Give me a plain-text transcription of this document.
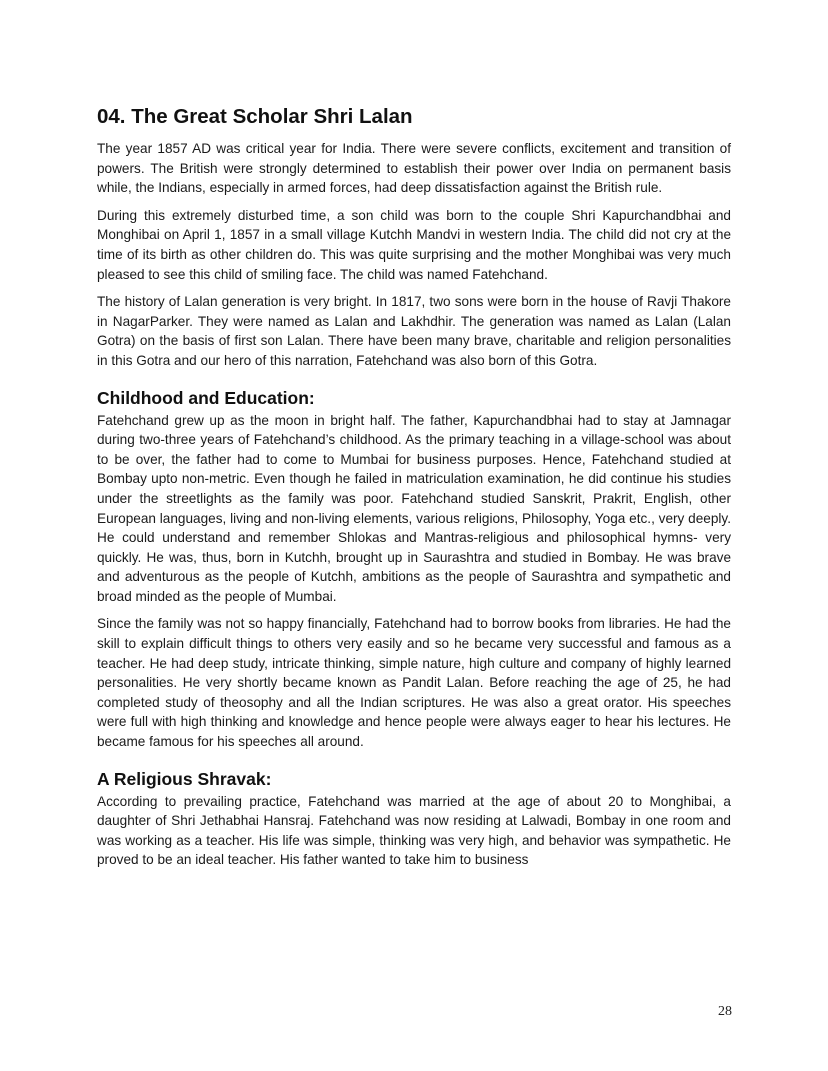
04. The Great Scholar Shri Lalan

The year 1857 AD was critical year for India. There were severe conflicts, excitement and transition of powers. The British were strongly determined to establish their power over India on permanent basis while, the Indians, especially in armed forces, had deep dissatisfaction against the British rule.

During this extremely disturbed time, a son child was born to the couple Shri Kapurchandbhai and Monghibai on April 1, 1857 in a small village Kutchh Mandvi in western India. The child did not cry at the time of its birth as other children do. This was quite surprising and the mother Monghibai was very much pleased to see this child of smiling face. The child was named Fatehchand.

The history of Lalan generation is very bright. In 1817, two sons were born in the house of Ravji Thakore in NagarParker. They were named as Lalan and Lakhdhir. The generation was named as Lalan (Lalan Gotra) on the basis of first son Lalan. There have been many brave, charitable and religion personalities in this Gotra and our hero of this narration, Fatehchand was also born of this Gotra.

Childhood and Education:

Fatehchand grew up as the moon in bright half. The father, Kapurchandbhai had to stay at Jamnagar during two-three years of Fatehchand’s childhood. As the primary teaching in a village-school was about to be over, the father had to come to Mumbai for business purposes. Hence, Fatehchand studied at Bombay upto non-metric. Even though he failed in matriculation examination, he did continue his studies under the streetlights as the family was poor. Fatehchand studied Sanskrit, Prakrit, English, other European languages, living and non-living elements, various religions, Philosophy, Yoga etc., very deeply. He could understand and remember Shlokas and Mantras-religious and philosophical hymns- very quickly. He was, thus, born in Kutchh, brought up in Saurashtra and studied in Bombay. He was brave and adventurous as the people of Kutchh, ambitions as the people of Saurashtra and sympathetic and broad minded as the people of Mumbai.

Since the family was not so happy financially, Fatehchand had to borrow books from libraries. He had the skill to explain difficult things to others very easily and so he became very successful and famous as a teacher. He had deep study, intricate thinking, simple nature, high culture and company of highly learned personalities. He very shortly became known as Pandit Lalan. Before reaching the age of 25, he had completed study of theosophy and all the Indian scriptures. He was also a great orator. His speeches were full with high thinking and knowledge and hence people were always eager to hear his lectures. He became famous for his speeches all around.

A Religious Shravak:

According to prevailing practice, Fatehchand was married at the age of about 20 to Monghibai, a daughter of Shri Jethabhai Hansraj. Fatehchand was now residing at Lalwadi, Bombay in one room and was working as a teacher. His life was simple, thinking was very high, and behavior was sympathetic. He proved to be an ideal teacher. His father wanted to take him to business

28
